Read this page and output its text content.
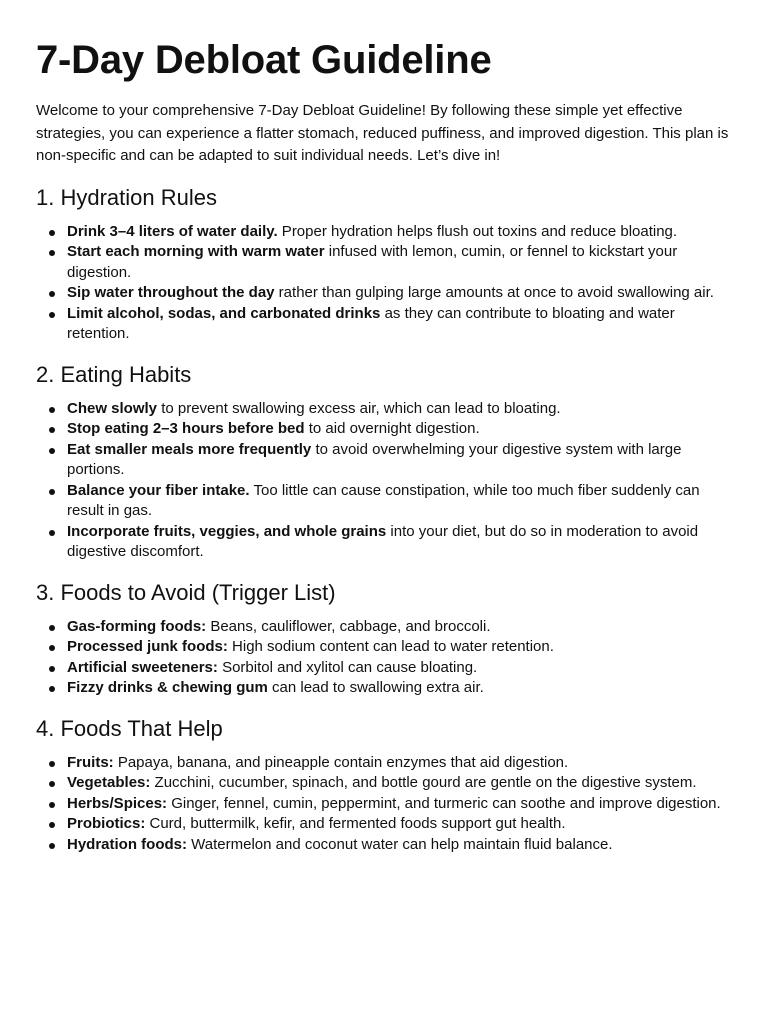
7-Day Debloat Guideline

Welcome to your comprehensive 7-Day Debloat Guideline! By following these simple yet effective strategies, you can experience a flatter stomach, reduced puffiness, and improved digestion. This plan is non-specific and can be adapted to suit individual needs. Let’s dive in!

1. Hydration Rules
Drink 3–4 liters of water daily. Proper hydration helps flush out toxins and reduce bloating.
Start each morning with warm water infused with lemon, cumin, or fennel to kickstart your digestion.
Sip water throughout the day rather than gulping large amounts at once to avoid swallowing air.
Limit alcohol, sodas, and carbonated drinks as they can contribute to bloating and water retention.
2. Eating Habits
Chew slowly to prevent swallowing excess air, which can lead to bloating.
Stop eating 2–3 hours before bed to aid overnight digestion.
Eat smaller meals more frequently to avoid overwhelming your digestive system with large portions.
Balance your fiber intake. Too little can cause constipation, while too much fiber suddenly can result in gas.
Incorporate fruits, veggies, and whole grains into your diet, but do so in moderation to avoid digestive discomfort.
3. Foods to Avoid (Trigger List)
Gas-forming foods: Beans, cauliflower, cabbage, and broccoli.
Processed junk foods: High sodium content can lead to water retention.
Artificial sweeteners: Sorbitol and xylitol can cause bloating.
Fizzy drinks & chewing gum can lead to swallowing extra air.
4. Foods That Help
Fruits: Papaya, banana, and pineapple contain enzymes that aid digestion.
Vegetables: Zucchini, cucumber, spinach, and bottle gourd are gentle on the digestive system.
Herbs/Spices: Ginger, fennel, cumin, peppermint, and turmeric can soothe and improve digestion.
Probiotics: Curd, buttermilk, kefir, and fermented foods support gut health.
Hydration foods: Watermelon and coconut water can help maintain fluid balance.
